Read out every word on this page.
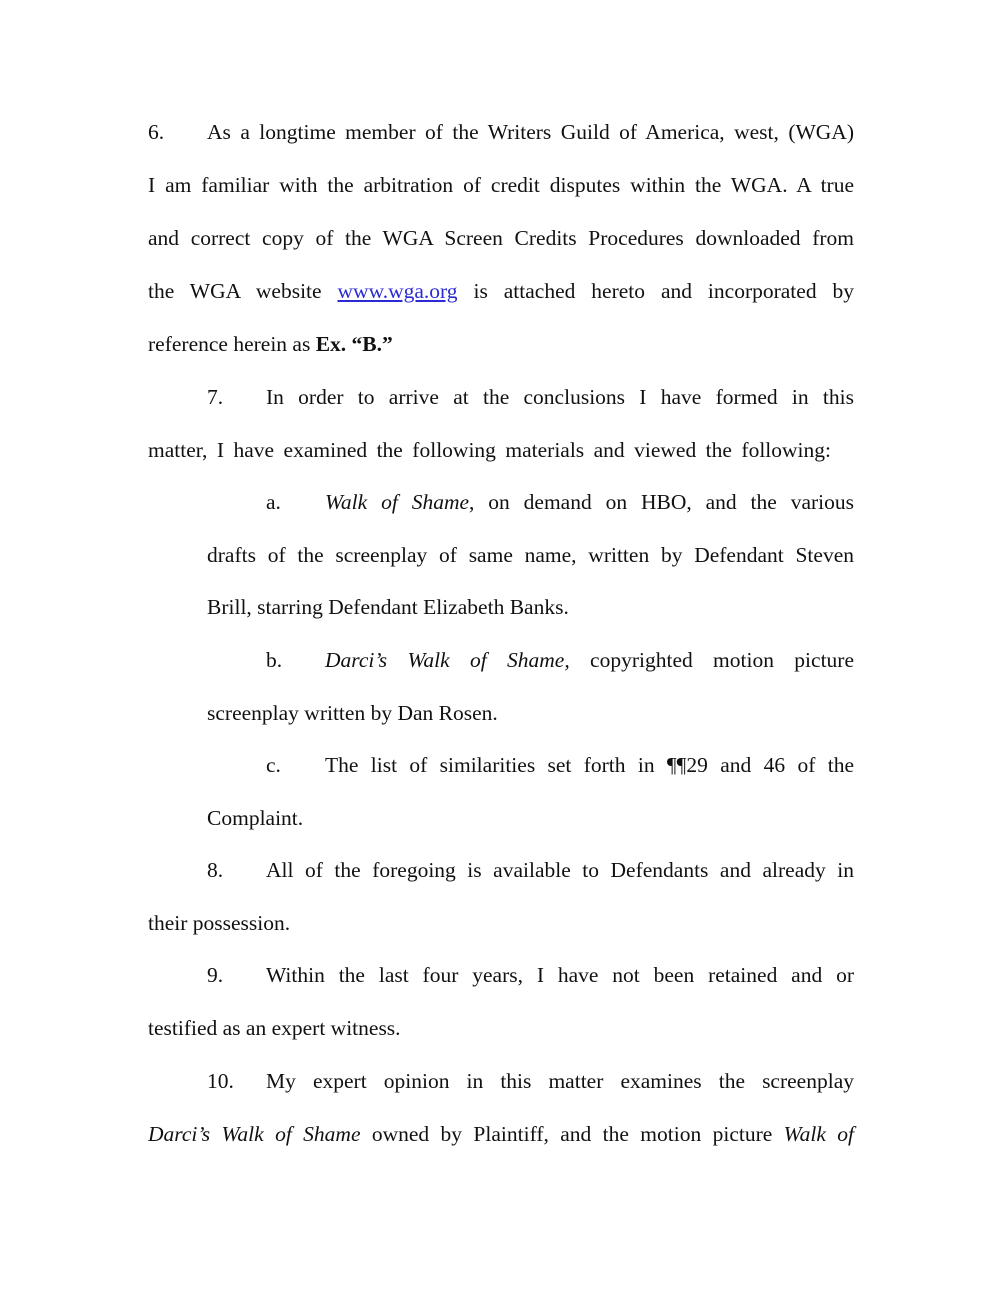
6. As a longtime member of the Writers Guild of America, west, (WGA)
I am familiar with the arbitration of credit disputes within the WGA. A true
and correct copy of the WGA Screen Credits Procedures downloaded from
the WGA website www.wga.org is attached hereto and incorporated by
reference herein as Ex. “B.”
7. In order to arrive at the conclusions I have formed in this
matter, I have examined the following materials and viewed the following:
a. Walk of Shame, on demand on HBO, and the various
drafts of the screenplay of same name, written by Defendant Steven
Brill, starring Defendant Elizabeth Banks.
b. Darci’s Walk of Shame, copyrighted motion picture
screenplay written by Dan Rosen.
c. The list of similarities set forth in ¶¶29 and 46 of the
Complaint.
8. All of the foregoing is available to Defendants and already in
their possession.
9. Within the last four years, I have not been retained and or
testified as an expert witness.
10. My expert opinion in this matter examines the screenplay
Darci’s Walk of Shame owned by Plaintiff, and the motion picture Walk of
